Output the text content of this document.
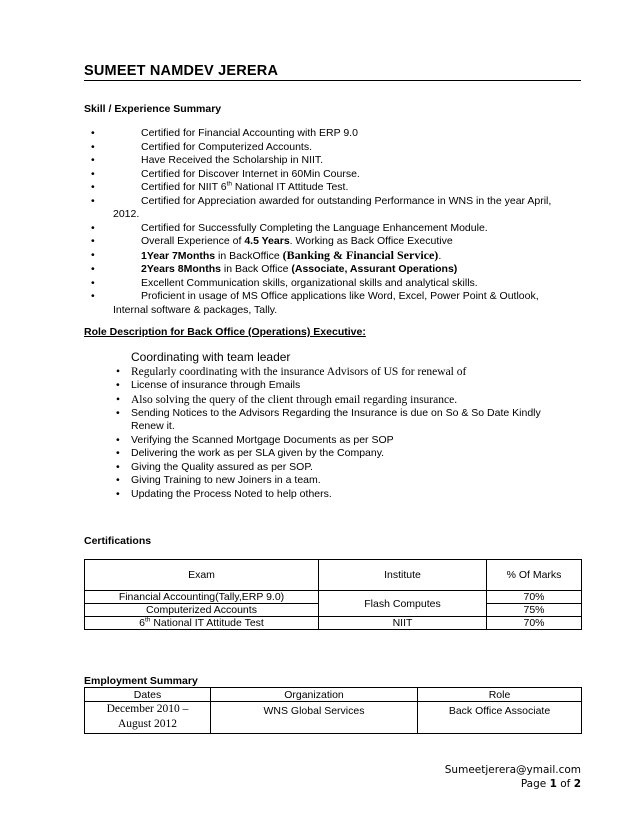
SUMEET NAMDEV JERERA
Skill / Experience Summary
• Certified for Financial Accounting with ERP 9.0
• Certified for Computerized Accounts.
• Have Received the Scholarship in NIIT.
• Certified for Discover Internet in 60Min Course.
• Certified for NIIT 6th National IT Attitude Test.
• Certified for Appreciation awarded for outstanding Performance in WNS in the year April,
2012.
• Certified for Successfully Completing the Language Enhancement Module.
• Overall Experience of 4.5 Years. Working as Back Office Executive
• 1Year 7Months in BackOffice (Banking & Financial Service).
• 2Years 8Months in Back Office (Associate, Assurant Operations)
• Excellent Communication skills, organizational skills and analytical skills.
• Proficient in usage of MS Office applications like Word, Excel, Power Point & Outlook,
Internal software & packages, Tally.
Role Description for Back Office (Operations) Executive:
Coordinating with team leader
• Regularly coordinating with the insurance Advisors of US for renewal of
• License of insurance through Emails
• Also solving the query of the client through email regarding insurance.
• Sending Notices to the Advisors Regarding the Insurance is due on So & So Date Kindly
Renew it.
• Verifying the Scanned Mortgage Documents as per SOP
• Delivering the work as per SLA given by the Company.
• Giving the Quality assured as per SOP.
• Giving Training to new Joiners in a team.
• Updating the Process Noted to help others.
Certifications
Exam	Institute	% Of Marks
Financial Accounting(Tally,ERP 9.0)	Flash Computes	70%
Computerized Accounts		75%
6th National IT Attitude Test	NIIT	70%
Employment Summary
Dates	Organization	Role
December 2010 –
August 2012	WNS Global Services	Back Office Associate
Sumeetjerera@ymail.com
Page 1 of 2
